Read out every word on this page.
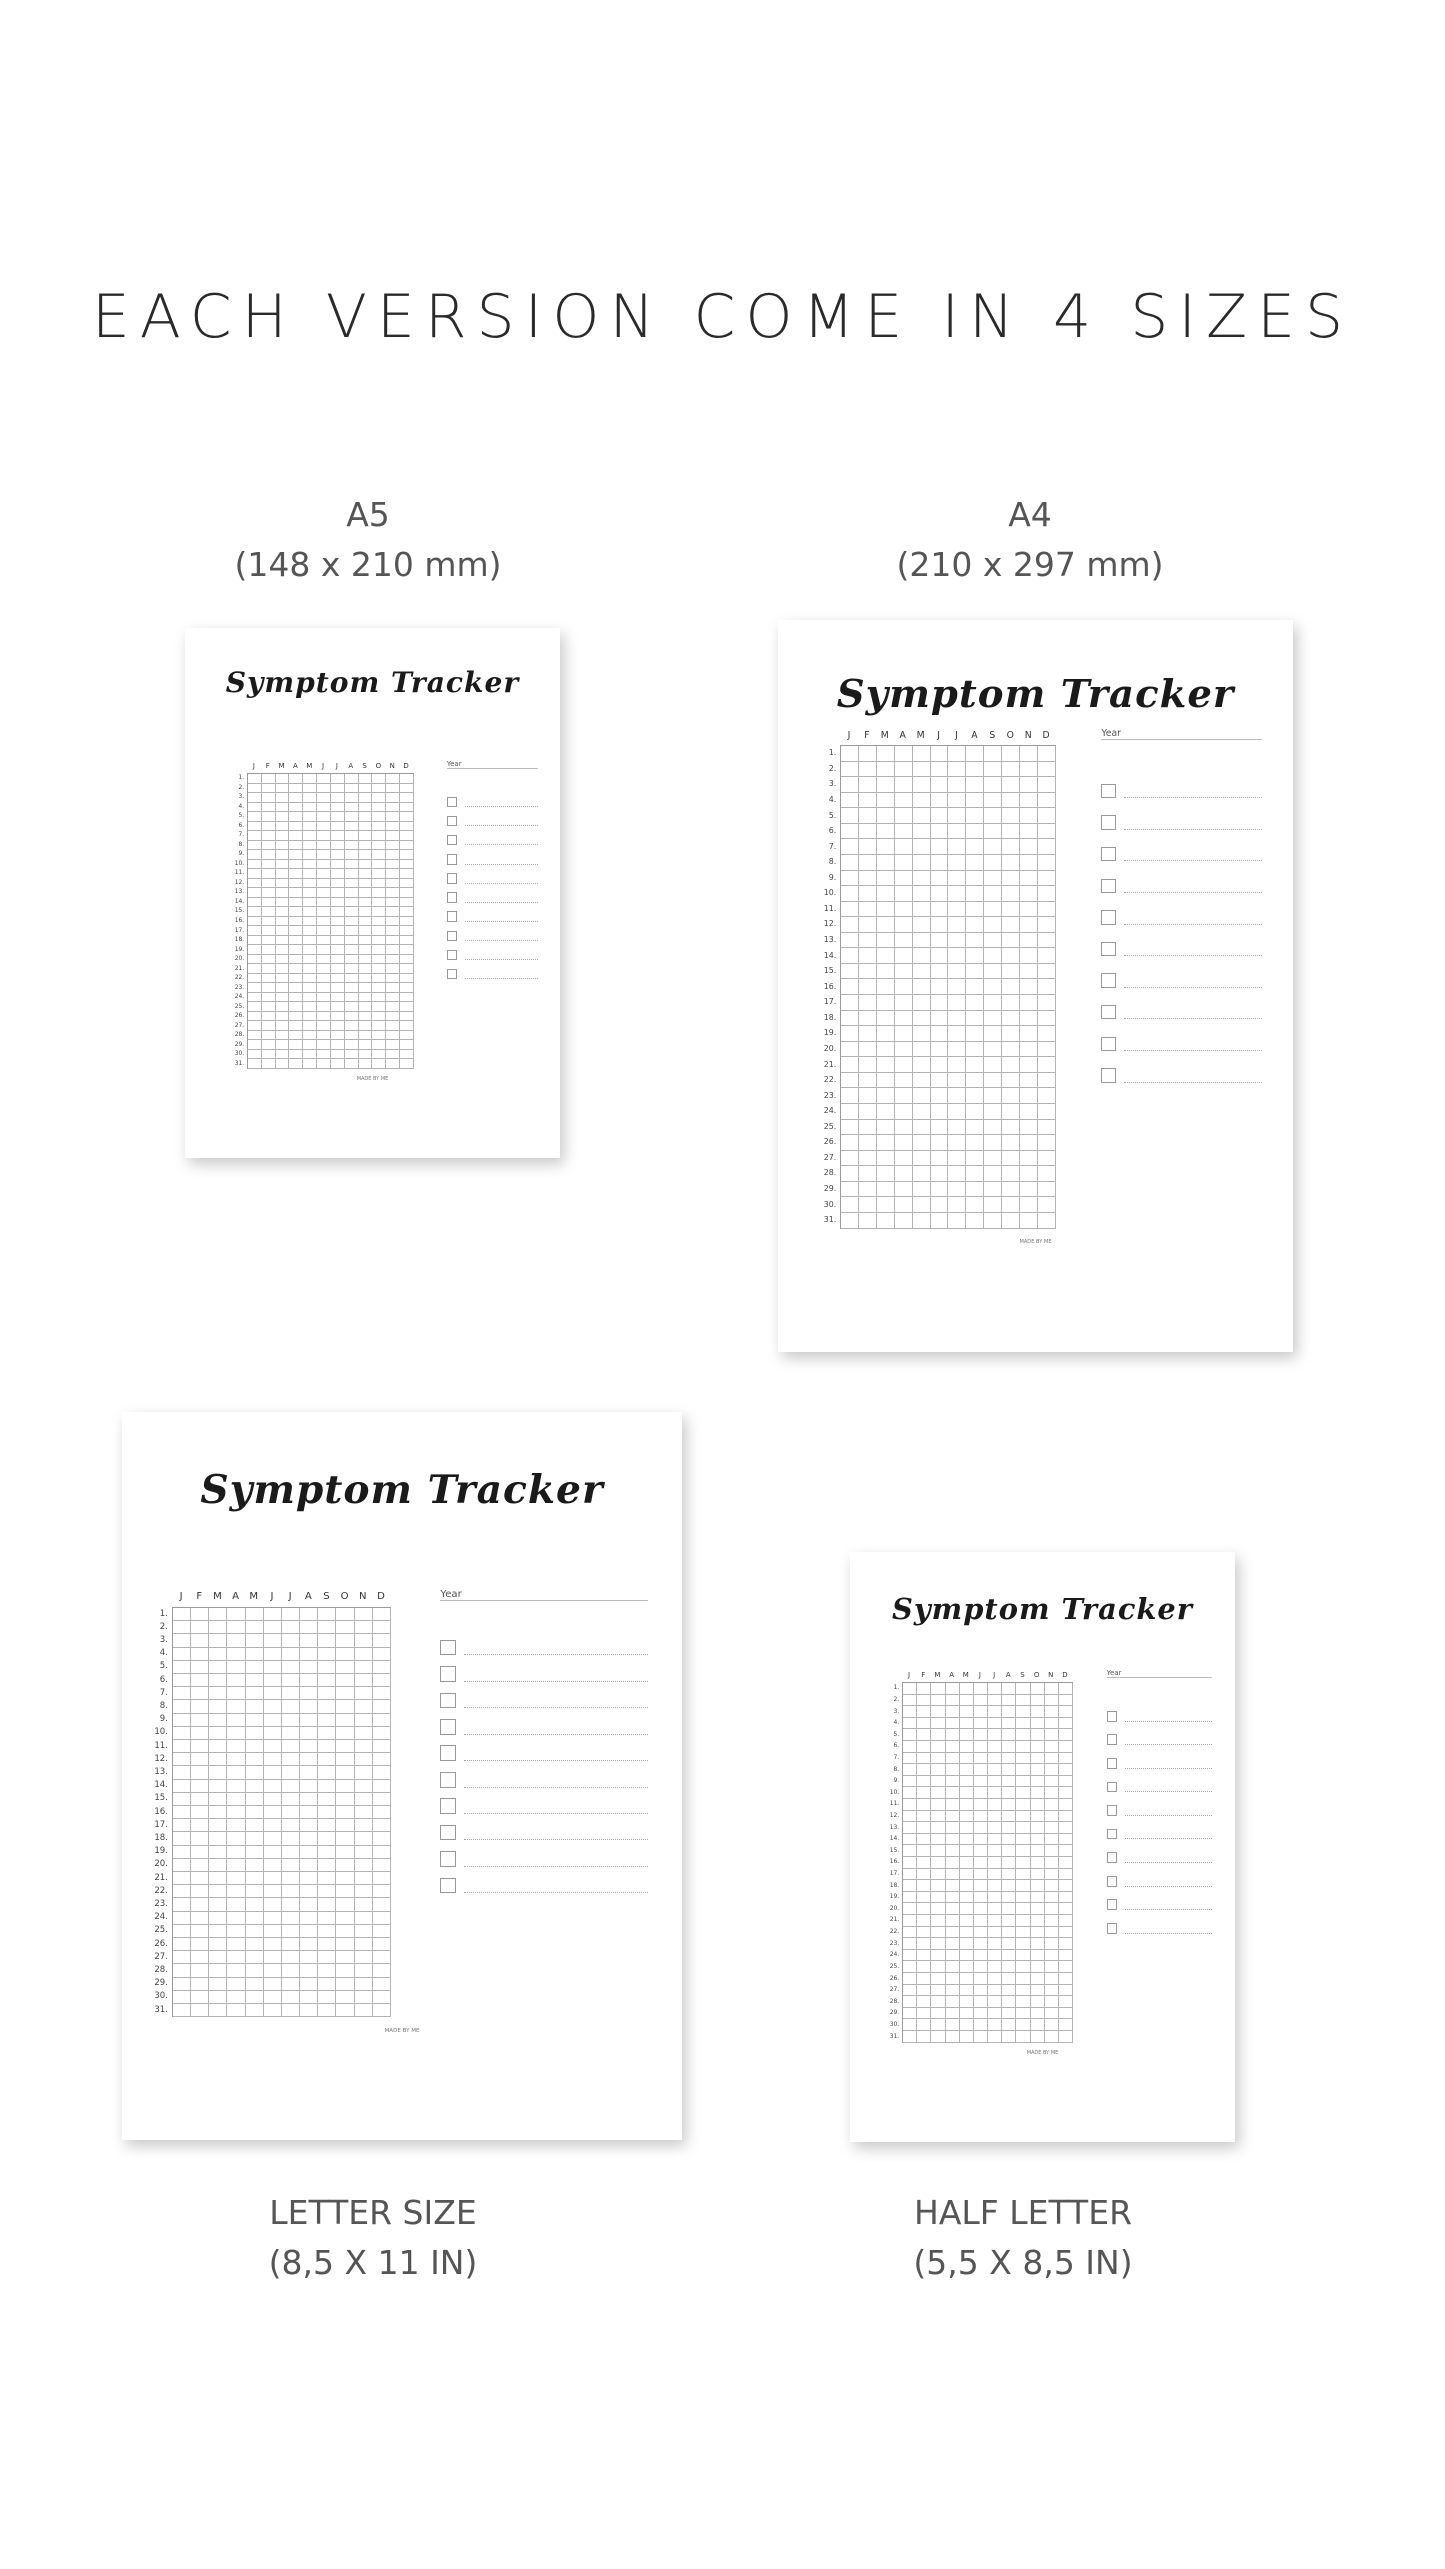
EACH VERSION COME IN 4 SIZES
A5
(148 x 210 mm)
A4
(210 x 297 mm)
LETTER SIZE
(8,5 X 11 IN)
HALF LETTER
(5,5 X 8,5 IN)
Symptom Tracker
J	F	M	A	M	J	J	A	S	O	N	D
1.
2.
3.
4.
5.
6.
7.
8.
9.
10.
11.
12.
13.
14.
15.
16.
17.
18.
19.
20.
21.
22.
23.
24.
25.
26.
27.
28.
29.
30.
31.
Year
MADE BY ME
Symptom Tracker
J	F	M	A	M	J	J	A	S	O	N	D
1.
2.
3.
4.
5.
6.
7.
8.
9.
10.
11.
12.
13.
14.
15.
16.
17.
18.
19.
20.
21.
22.
23.
24.
25.
26.
27.
28.
29.
30.
31.
Year
MADE BY ME
Symptom Tracker
J	F	M	A	M	J	J	A	S	O	N	D
1.
2.
3.
4.
5.
6.
7.
8.
9.
10.
11.
12.
13.
14.
15.
16.
17.
18.
19.
20.
21.
22.
23.
24.
25.
26.
27.
28.
29.
30.
31.
Year
MADE BY ME
Symptom Tracker
J	F	M	A	M	J	J	A	S	O	N	D
1.
2.
3.
4.
5.
6.
7.
8.
9.
10.
11.
12.
13.
14.
15.
16.
17.
18.
19.
20.
21.
22.
23.
24.
25.
26.
27.
28.
29.
30.
31.
Year
MADE BY ME
